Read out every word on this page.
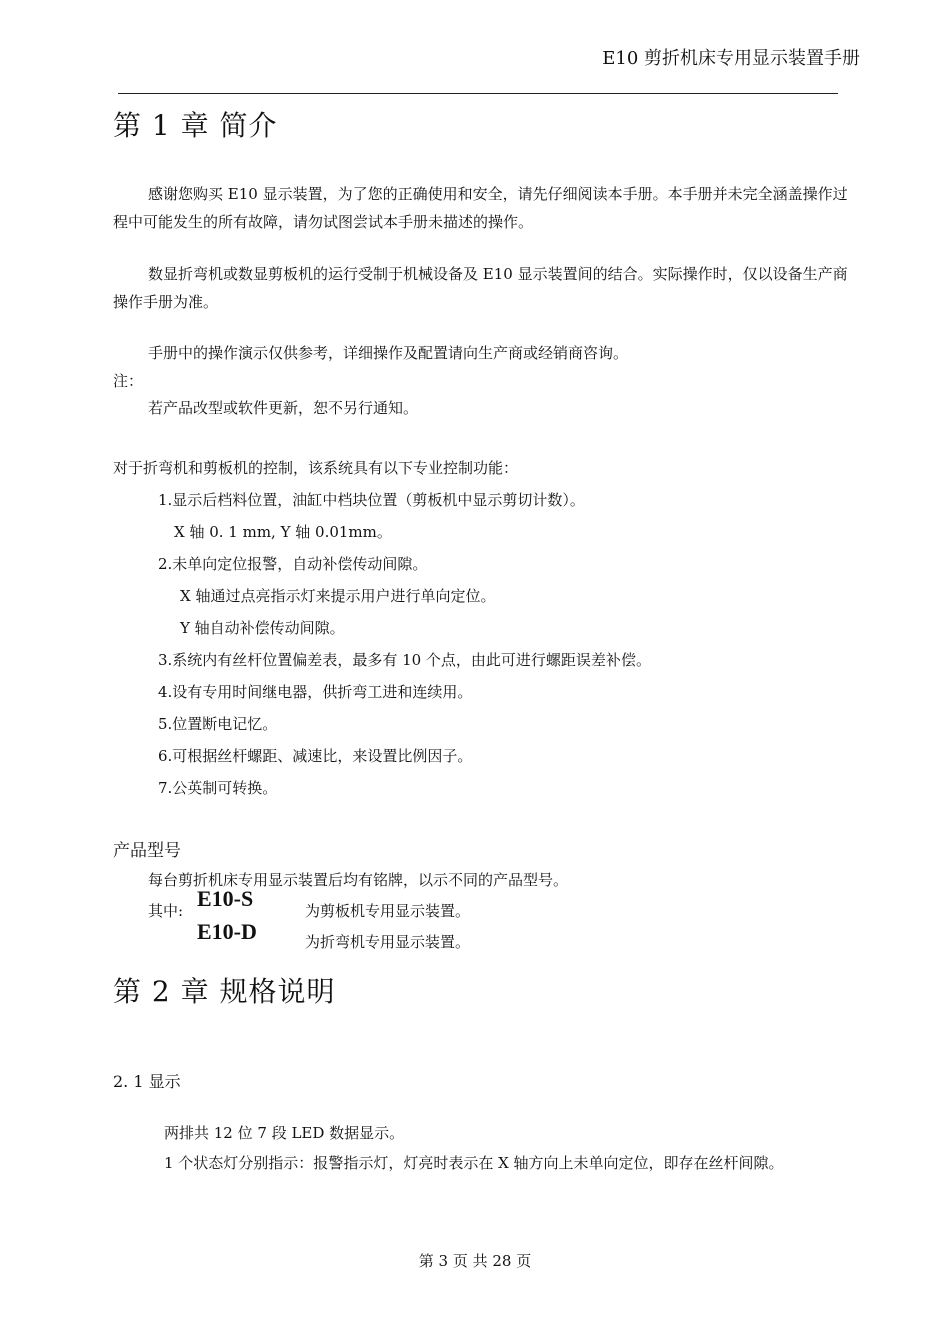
E10 剪折机床专用显示装置手册
第 1 章 简介
感谢您购买 E10 显示装置，为了您的正确使用和安全，请先仔细阅读本手册。本手册并未完全涵盖操作过程中可能发生的所有故障，请勿试图尝试本手册未描述的操作。
数显折弯机或数显剪板机的运行受制于机械设备及 E10 显示装置间的结合。实际操作时，仅以设备生产商操作手册为准。
手册中的操作演示仅供参考，详细操作及配置请向生产商或经销商咨询。
注：
若产品改型或软件更新，恕不另行通知。
对于折弯机和剪板机的控制，该系统具有以下专业控制功能：
1.显示后档料位置，油缸中档块位置（剪板机中显示剪切计数）。
X 轴 0. 1 mm, Y 轴 0.01mm。
2.未单向定位报警，自动补偿传动间隙。
X 轴通过点亮指示灯来提示用户进行单向定位。
Y 轴自动补偿传动间隙。
3.系统内有丝杆位置偏差表，最多有 10 个点，由此可进行螺距误差补偿。
4.设有专用时间继电器，供折弯工进和连续用。
5.位置断电记忆。
6.可根据丝杆螺距、减速比，来设置比例因子。
7.公英制可转换。
产品型号
每台剪折机床专用显示装置后均有铭牌，以示不同的产品型号。
其中: E10-S	为剪板机专用显示装置。
E10-D	为折弯机专用显示装置。
第 2 章 规格说明
2. 1 显示
两排共 12 位 7 段 LED 数据显示。
1 个状态灯分别指示：报警指示灯，灯亮时表示在 X 轴方向上未单向定位，即存在丝杆间隙。
第 3 页 共 28 页
